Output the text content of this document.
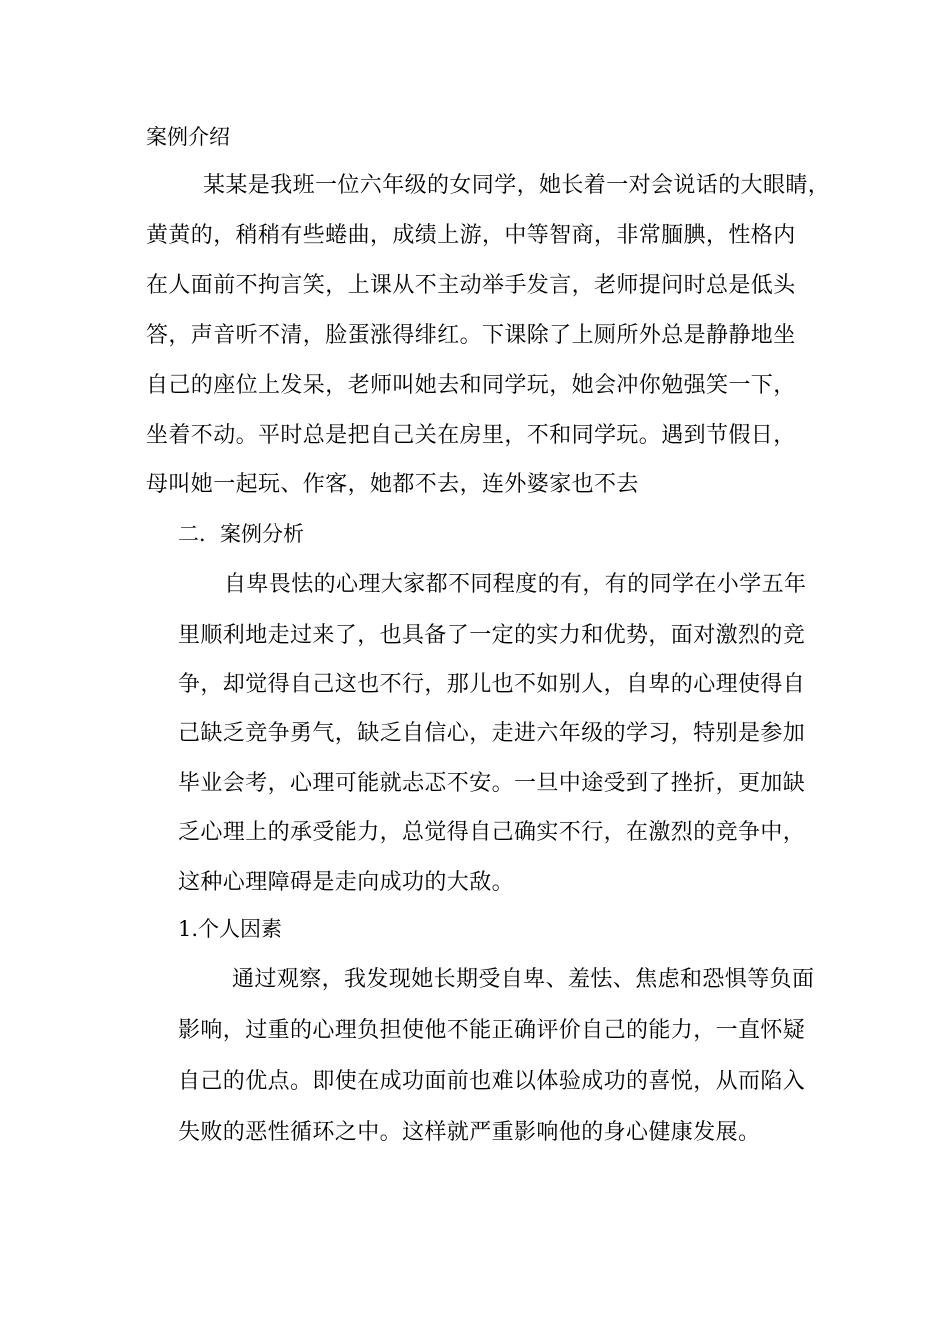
案例介绍
某某是我班一位六年级的女同学，她长着一对会说话的大眼睛，
黄黄的，稍稍有些蜷曲，成绩上游，中等智商，非常腼腆，性格内
在人面前不拘言笑，上课从不主动举手发言，老师提问时总是低头
答，声音听不清，脸蛋涨得绯红。下课除了上厕所外总是静静地坐
自己的座位上发呆，老师叫她去和同学玩，她会冲你勉强笑一下，
坐着不动。平时总是把自己关在房里，不和同学玩。遇到节假日，
母叫她一起玩、作客，她都不去，连外婆家也不去
二．案例分析
自卑畏怯的心理大家都不同程度的有，有的同学在小学五年
里顺利地走过来了，也具备了一定的实力和优势，面对激烈的竞
争，却觉得自己这也不行，那儿也不如别人，自卑的心理使得自
己缺乏竞争勇气，缺乏自信心，走进六年级的学习，特别是参加
毕业会考，心理可能就忐忑不安。一旦中途受到了挫折，更加缺
乏心理上的承受能力，总觉得自己确实不行，在激烈的竞争中，
这种心理障碍是走向成功的大敌。
1.个人因素
通过观察，我发现她长期受自卑、羞怯、焦虑和恐惧等负面
影响，过重的心理负担使他不能正确评价自己的能力，一直怀疑
自己的优点。即使在成功面前也难以体验成功的喜悦，从而陷入
失败的恶性循环之中。这样就严重影响他的身心健康发展。
